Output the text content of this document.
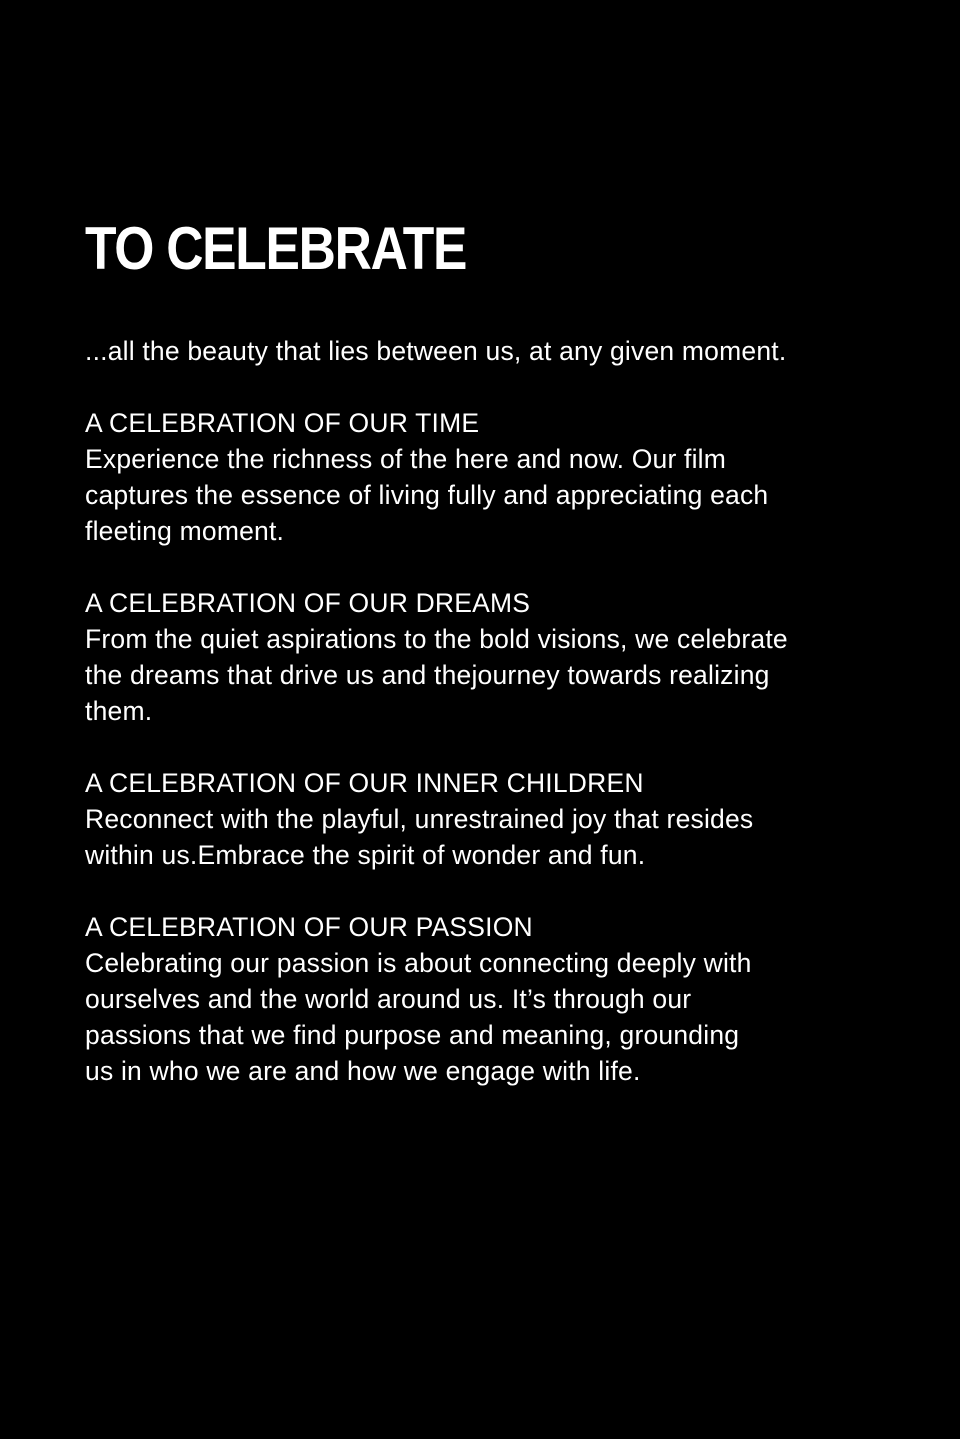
TO CELEBRATE

...all the beauty that lies between us, at any given moment.

A CELEBRATION OF OUR TIME
Experience the richness of the here and now. Our film
captures the essence of living fully and appreciating each
fleeting moment.
A CELEBRATION OF OUR DREAMS
From the quiet aspirations to the bold visions, we celebrate
the dreams that drive us and thejourney towards realizing
them.
A CELEBRATION OF OUR INNER CHILDREN
Reconnect with the playful, unrestrained joy that resides
within us.Embrace the spirit of wonder and fun.
A CELEBRATION OF OUR PASSION
Celebrating our passion is about connecting deeply with
ourselves and the world around us. It’s through our
passions that we find purpose and meaning, grounding
us in who we are and how we engage with life.
